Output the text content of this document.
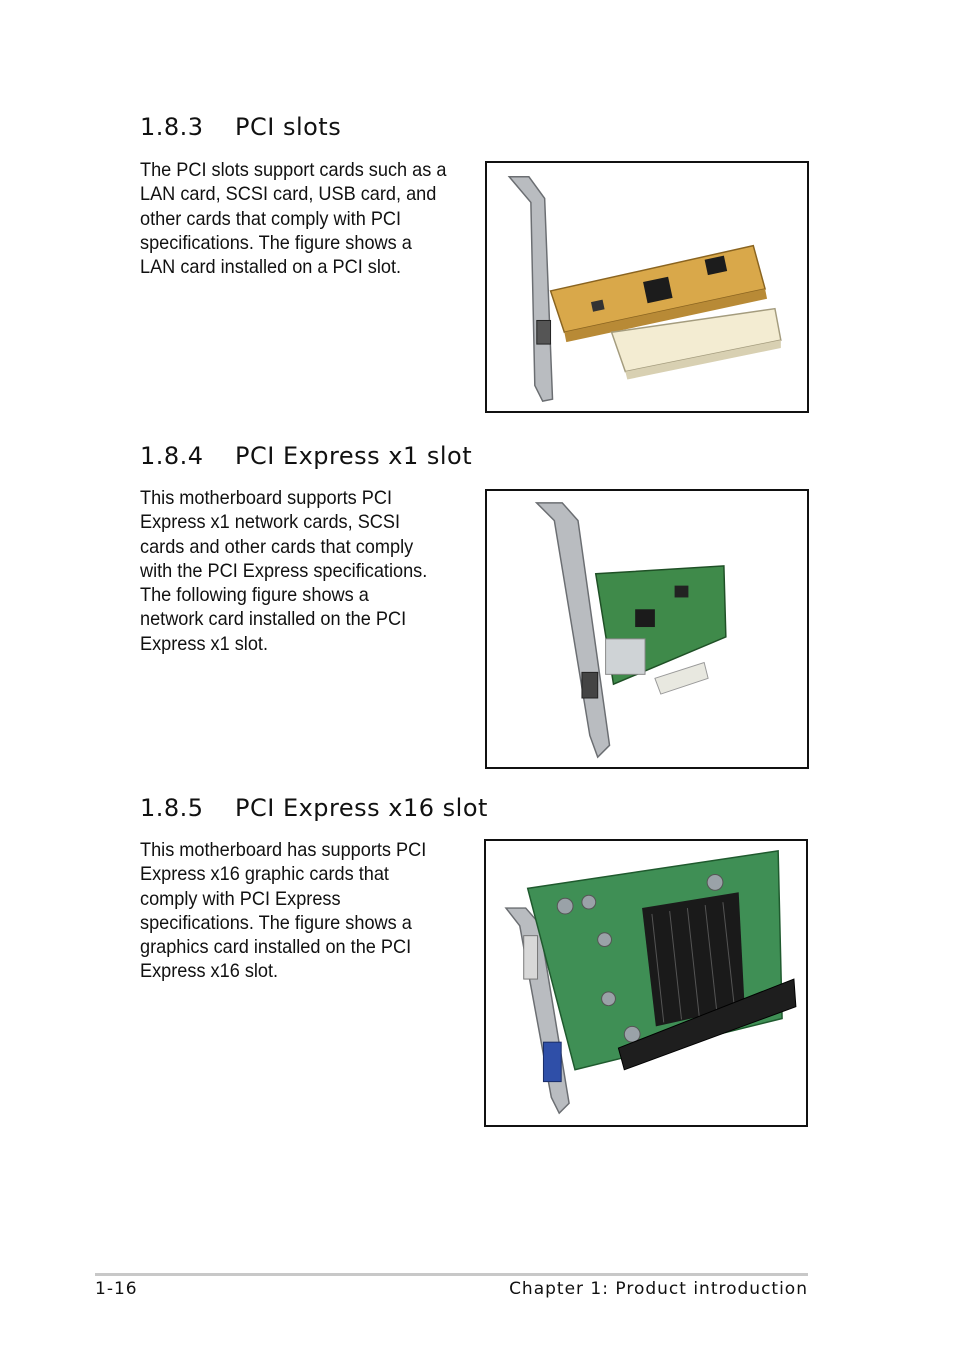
1.8.3 PCI slots
The PCI slots support cards such as a
LAN card, SCSI card, USB card, and
other cards that comply with PCI
specifications. The figure shows a
LAN card installed on a PCI slot.
1.8.4 PCI Express x1 slot
This motherboard supports PCI
Express x1 network cards, SCSI
cards and other cards that comply
with the PCI Express specifications.
The following figure shows a
network card installed on the PCI
Express x1 slot.
1.8.5 PCI Express x16 slot
This motherboard has supports PCI
Express x16 graphic cards that
comply with PCI Express
specifications. The figure shows a
graphics card installed on the PCI
Express x16 slot.
1-16	Chapter 1: Product introduction
